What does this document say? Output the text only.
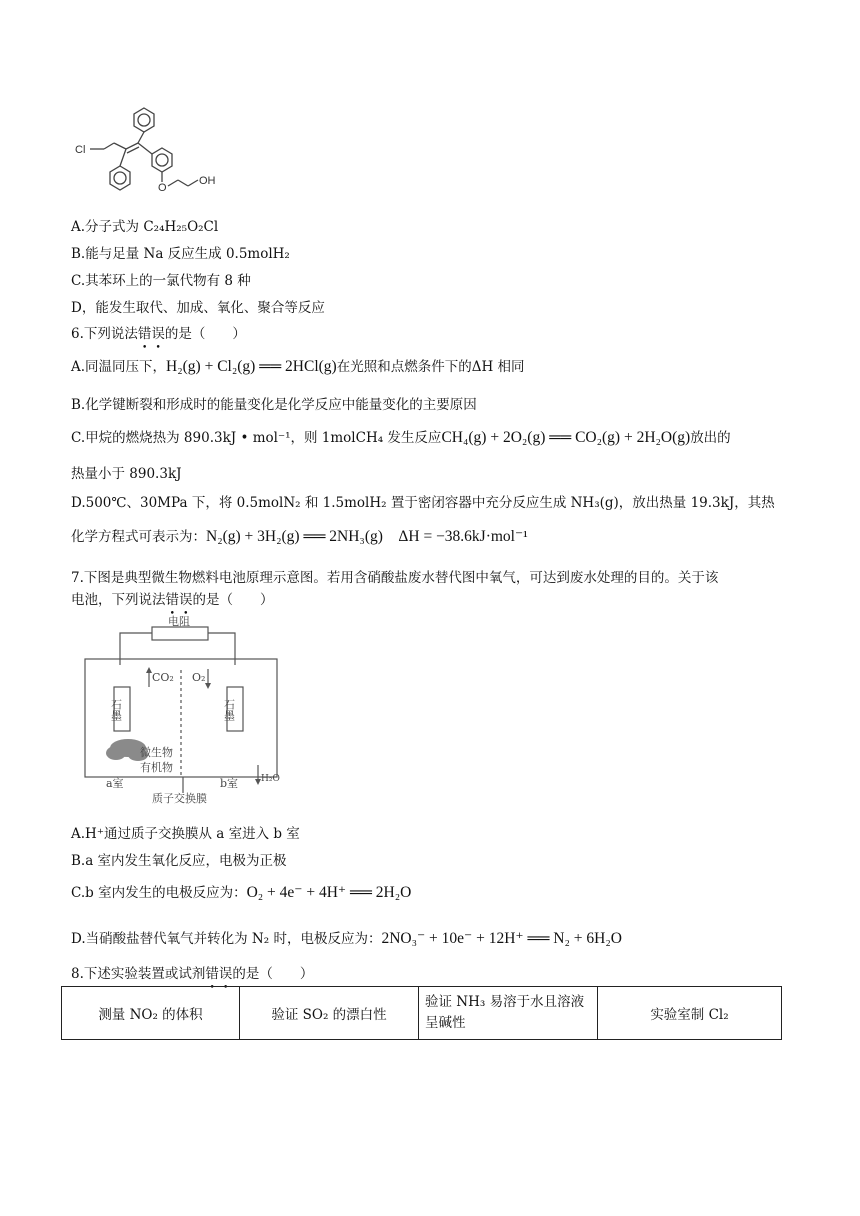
Cl
O
OH
A.分子式为 C₂₄H₂₅O₂Cl
B.能与足量 Na 反应生成 0.5molH₂
C.其苯环上的一氯代物有 8 种
D，能发生取代、加成、氧化、聚合等反应
6.下列说法错误的是（　　）
A.同温同压下，H₂(g) + Cl₂(g) ══ 2HCl(g)在光照和点燃条件下的ΔH 相同
B.化学键断裂和形成时的能量变化是化学反应中能量变化的主要原因
C.甲烷的燃烧热为 890.3kJ • mol⁻¹，则 1molCH₄ 发生反应CH₄(g) + 2O₂(g) ══ CO₂(g) + 2H₂O(g)放出的
热量小于 890.3kJ
D.500℃、30MPa 下，将 0.5molN₂ 和 1.5molH₂ 置于密闭容器中充分反应生成 NH₃(g)，放出热量 19.3kJ，其热
化学方程式可表示为：N₂(g) + 3H₂(g) ══ 2NH₃(g)　ΔH = −38.6kJ·mol⁻¹
7.下图是典型微生物燃料电池原理示意图。若用含硝酸盐废水替代图中氧气，可达到废水处理的目的。关于该
电池，下列说法错误的是（　　）
电阻
CO₂ O₂
石墨
石墨
微生物
有机物
a室	b室	H₂O
质子交换膜
A.H⁺通过质子交换膜从 a 室进入 b 室
B.a 室内发生氧化反应，电极为正极
C.b 室内发生的电极反应为：O₂ + 4e⁻ + 4H⁺ ══ 2H₂O
D.当硝酸盐替代氧气并转化为 N₂ 时，电极反应为：2NO₃⁻ + 10e⁻ + 12H⁺ ══ N₂ + 6H₂O
8.下述实验装置或试剂错误的是（　　）
测量 NO₂ 的体积	验证 SO₂ 的漂白性	验证 NH₃ 易溶于水且溶液呈碱性	实验室制 Cl₂
